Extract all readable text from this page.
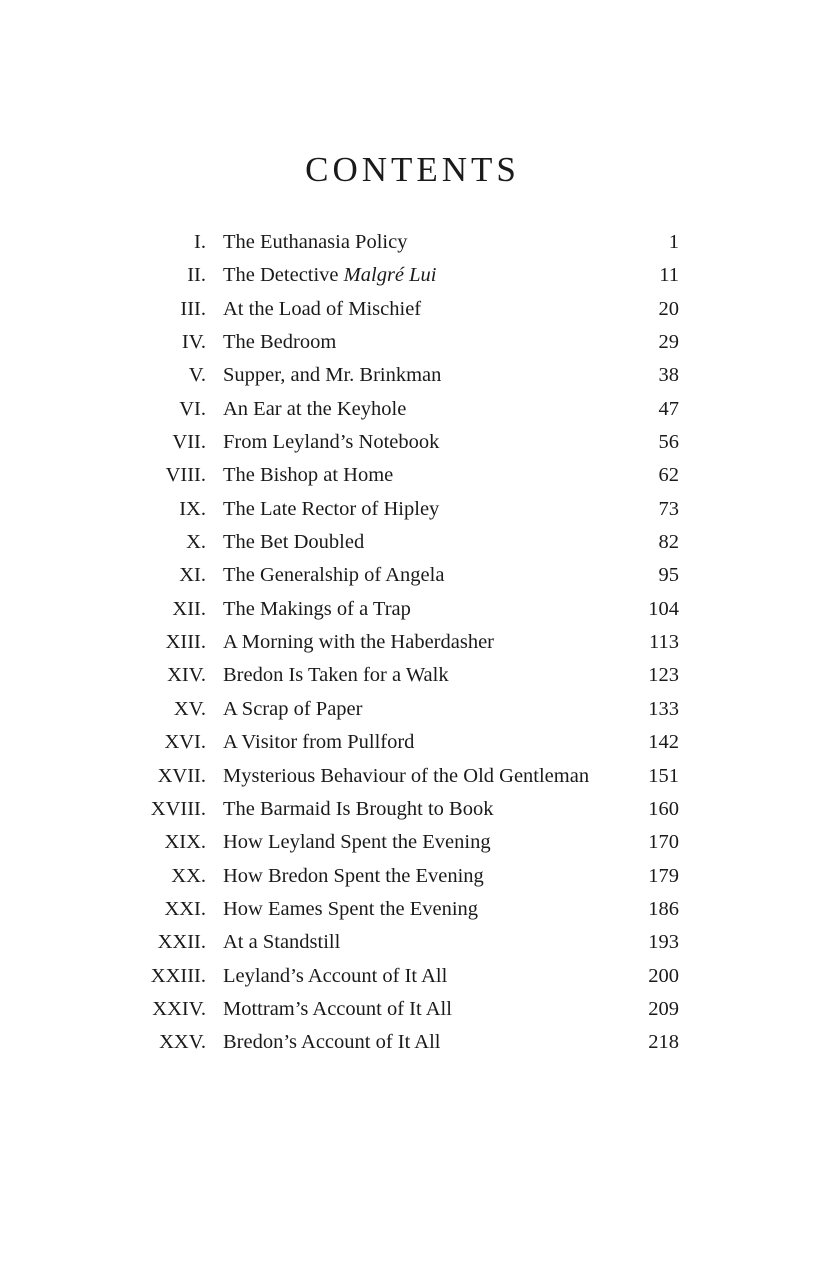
CONTENTS
I. The Euthanasia Policy	1
II. The Detective Malgré Lui	11
III. At the Load of Mischief	20
IV. The Bedroom	29
V. Supper, and Mr. Brinkman	38
VI. An Ear at the Keyhole	47
VII. From Leyland’s Notebook	56
VIII. The Bishop at Home	62
IX. The Late Rector of Hipley	73
X. The Bet Doubled	82
XI. The Generalship of Angela	95
XII. The Makings of a Trap	104
XIII. A Morning with the Haberdasher	113
XIV. Bredon Is Taken for a Walk	123
XV. A Scrap of Paper	133
XVI. A Visitor from Pullford	142
XVII. Mysterious Behaviour of the Old Gentleman	151
XVIII. The Barmaid Is Brought to Book	160
XIX. How Leyland Spent the Evening	170
XX. How Bredon Spent the Evening	179
XXI. How Eames Spent the Evening	186
XXII. At a Standstill	193
XXIII. Leyland’s Account of It All	200
XXIV. Mottram’s Account of It All	209
XXV. Bredon’s Account of It All	218
